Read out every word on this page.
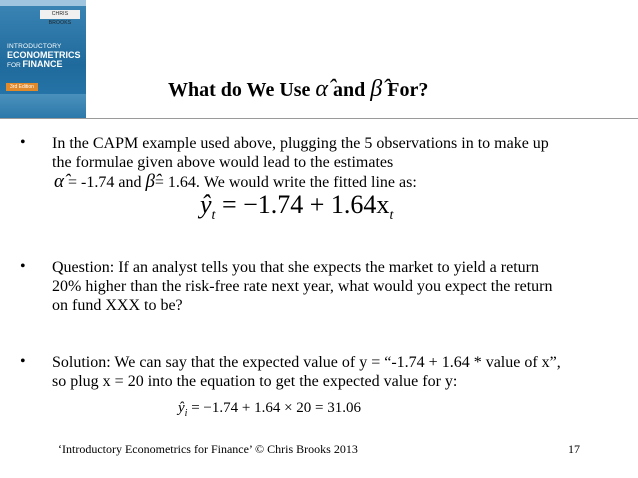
CHRIS BROOKS
INTRODUCTORY
ECONOMETRICS
FOR FINANCE
3rd Edition	What do We Use α̂ and β̂ For?
• In the CAPM example used above, plugging the 5 observations in to make up
the formulae given above would lead to the estimates
α̂ = -1.74 and β̂= 1.64. We would write the fitted line as:
$ŷ_t = -1.74 + 1.64x_t$
• Question: If an analyst tells you that she expects the market to yield a return
20% higher than the risk-free rate next year, what would you expect the return
on fund XXX to be?
• Solution: We can say that the expected value of y = “-1.74 + 1.64 * value of x”,
so plug x = 20 into the equation to get the expected value for y:
$ŷ_i = -1.74 + 1.64 \times 20 = 31.06$
‘Introductory Econometrics for Finance’ © Chris Brooks 2013	17
